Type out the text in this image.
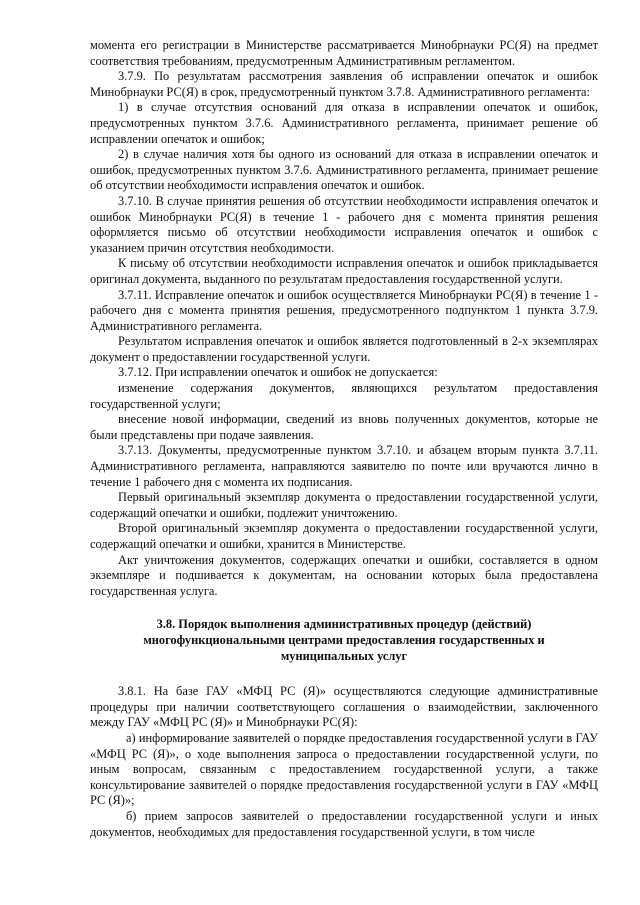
момента его регистрации в Министерстве рассматривается Минобрнауки РС(Я) на предмет соответствия требованиям, предусмотренным Административным регламентом.

3.7.9. По результатам рассмотрения заявления об исправлении опечаток и ошибок Минобрнауки РС(Я) в срок, предусмотренный пунктом 3.7.8. Административного регламента:

1) в случае отсутствия оснований для отказа в исправлении опечаток и ошибок, предусмотренных пунктом 3.7.6. Административного регламента, принимает решение об исправлении опечаток и ошибок;

2) в случае наличия хотя бы одного из оснований для отказа в исправлении опечаток и ошибок, предусмотренных пунктом 3.7.6. Административного регламента, принимает решение об отсутствии необходимости исправления опечаток и ошибок.

3.7.10. В случае принятия решения об отсутствии необходимости исправления опечаток и ошибок Минобрнауки РС(Я) в течение 1 - рабочего дня с момента принятия решения оформляется письмо об отсутствии необходимости исправления опечаток и ошибок с указанием причин отсутствия необходимости.

К письму об отсутствии необходимости исправления опечаток и ошибок прикладывается оригинал документа, выданного по результатам предоставления государственной услуги.

3.7.11. Исправление опечаток и ошибок осуществляется Минобрнауки РС(Я) в течение 1 - рабочего дня с момента принятия решения, предусмотренного подпунктом 1 пункта 3.7.9. Административного регламента.

Результатом исправления опечаток и ошибок является подготовленный в 2-х экземплярах документ о предоставлении государственной услуги.

3.7.12. При исправлении опечаток и ошибок не допускается:

изменение содержания документов, являющихся результатом предоставления государственной услуги;

внесение новой информации, сведений из вновь полученных документов, которые не были представлены при подаче заявления.

3.7.13. Документы, предусмотренные пунктом 3.7.10. и абзацем вторым пункта 3.7.11. Административного регламента, направляются заявителю по почте или вручаются лично в течение 1 рабочего дня с момента их подписания.

Первый оригинальный экземпляр документа о предоставлении государственной услуги, содержащий опечатки и ошибки, подлежит уничтожению.

Второй оригинальный экземпляр документа о предоставлении государственной услуги, содержащий опечатки и ошибки, хранится в Министерстве.

Акт уничтожения документов, содержащих опечатки и ошибки, составляется в одном экземпляре и подшивается к документам, на основании которых была предоставлена государственная услуга.

3.8. Порядок выполнения административных процедур (действий) многофункциональными центрами предоставления государственных и муниципальных услуг

3.8.1. На базе ГАУ «МФЦ РС (Я)» осуществляются следующие административные процедуры при наличии соответствующего соглашения о взаимодействии, заключенного между ГАУ «МФЦ РС (Я)» и Минобрнауки РС(Я):

а) информирование заявителей о порядке предоставления государственной услуги в ГАУ «МФЦ РС (Я)», о ходе выполнения запроса о предоставлении государственной услуги, по иным вопросам, связанным с предоставлением государственной услуги, а также консультирование заявителей о порядке предоставления государственной услуги в ГАУ «МФЦ РС (Я)»;

б) прием запросов заявителей о предоставлении государственной услуги и иных документов, необходимых для предоставления государственной услуги, в том числе
